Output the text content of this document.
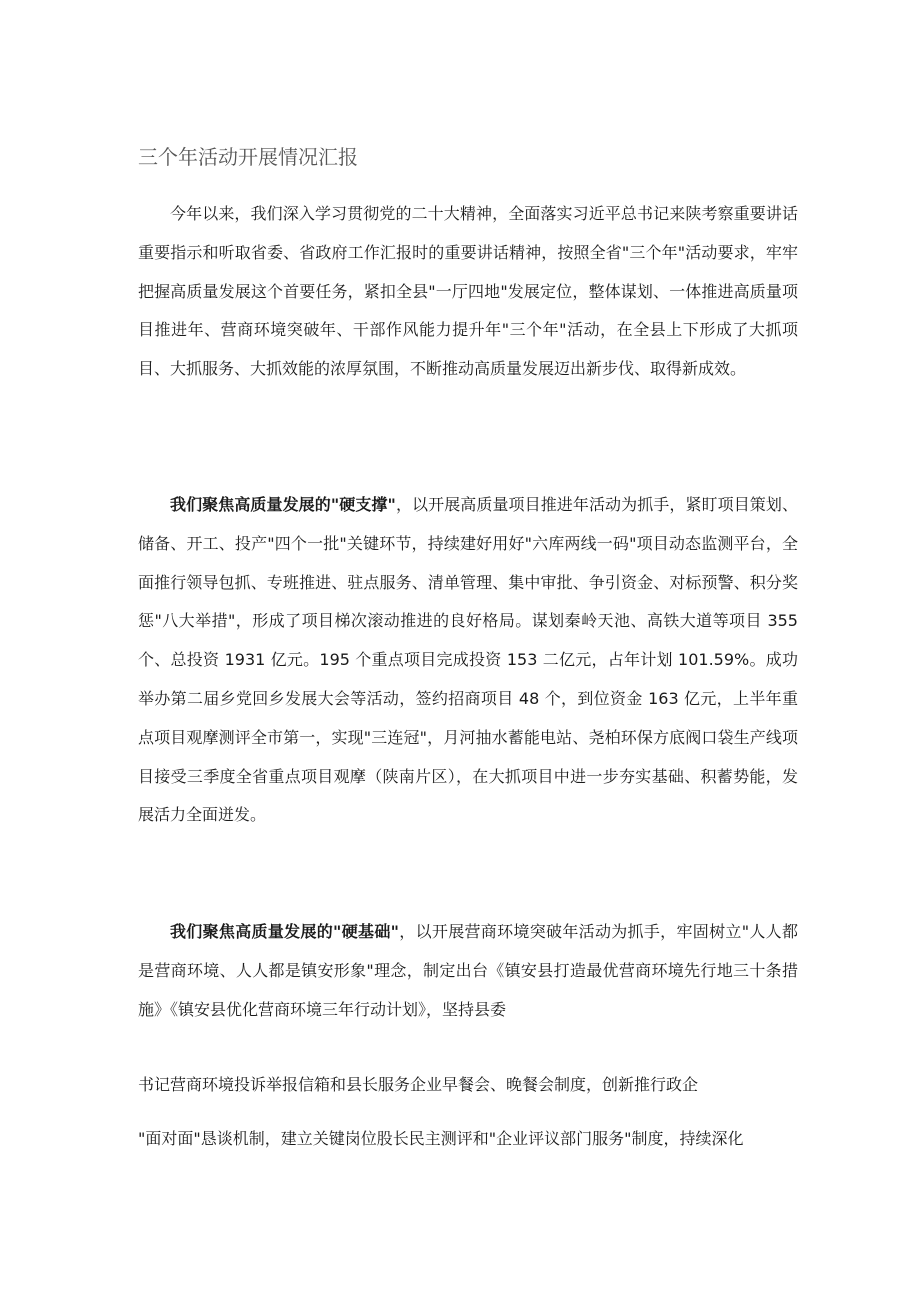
三个年活动开展情况汇报

今年以来，我们深入学习贯彻党的二十大精神，全面落实习近平总书记来陕考察重要讲话重要指示和听取省委、省政府工作汇报时的重要讲话精神，按照全省"三个年"活动要求，牢牢把握高质量发展这个首要任务，紧扣全县"一厅四地"发展定位，整体谋划、一体推进高质量项目推进年、营商环境突破年、干部作风能力提升年"三个年"活动，在全县上下形成了大抓项目、大抓服务、大抓效能的浓厚氛围，不断推动高质量发展迈出新步伐、取得新成效。

我们聚焦高质量发展的"硬支撑"，以开展高质量项目推进年活动为抓手，紧盯项目策划、储备、开工、投产"四个一批"关键环节，持续建好用好"六库两线一码"项目动态监测平台，全面推行领导包抓、专班推进、驻点服务、清单管理、集中审批、争引资金、对标预警、积分奖惩"八大举措"，形成了项目梯次滚动推进的良好格局。谋划秦岭天池、高铁大道等项目 355 个、总投资 1931 亿元。195 个重点项目完成投资 153 二亿元，占年计划 101.59%。成功举办第二届乡党回乡发展大会等活动，签约招商项目 48 个，到位资金 163 亿元，上半年重点项目观摩测评全市第一，实现"三连冠"，月河抽水蓄能电站、尧柏环保方底阀口袋生产线项目接受三季度全省重点项目观摩（陕南片区），在大抓项目中进一步夯实基础、积蓄势能，发展活力全面迸发。

我们聚焦高质量发展的"硬基础"，以开展营商环境突破年活动为抓手，牢固树立"人人都是营商环境、人人都是镇安形象"理念，制定出台《镇安县打造最优营商环境先行地三十条措施》《镇安县优化营商环境三年行动计划》，坚持县委

书记营商环境投诉举报信箱和县长服务企业早餐会、晚餐会制度，创新推行政企

"面对面"恳谈机制，建立关键岗位股长民主测评和"企业评议部门服务"制度，持续深化
